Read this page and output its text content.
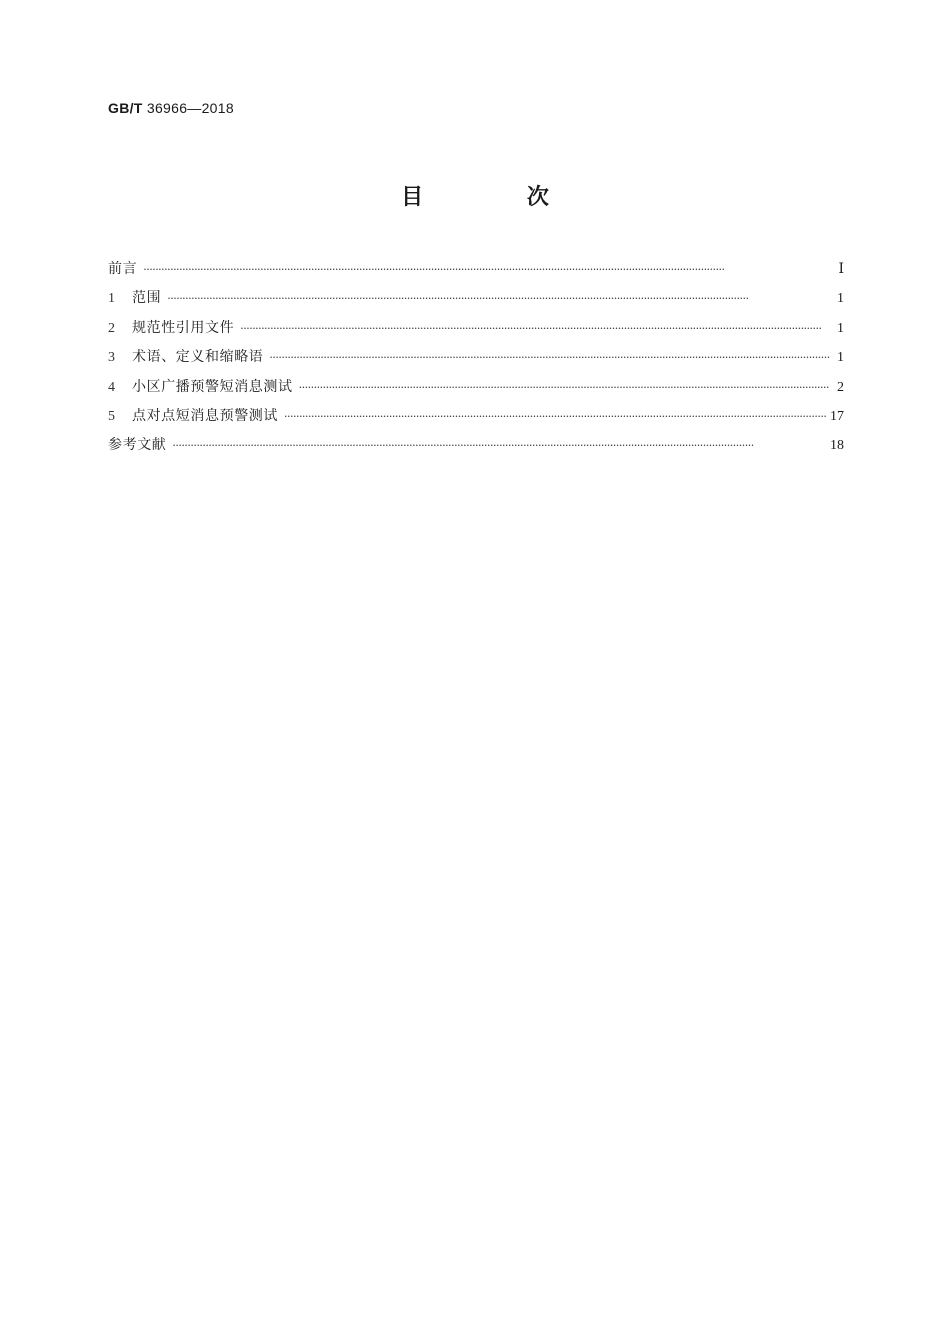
GB/T 36966—2018
目 次
前言 ·····	Ⅰ
1	范围 ·····	1
2	规范性引用文件 ·····	1
3	术语、定义和缩略语 ·····	1
4	小区广播预警短消息测试 ·····	2
5	点对点短消息预警测试 ·····	17
参考文献 ·····	18
